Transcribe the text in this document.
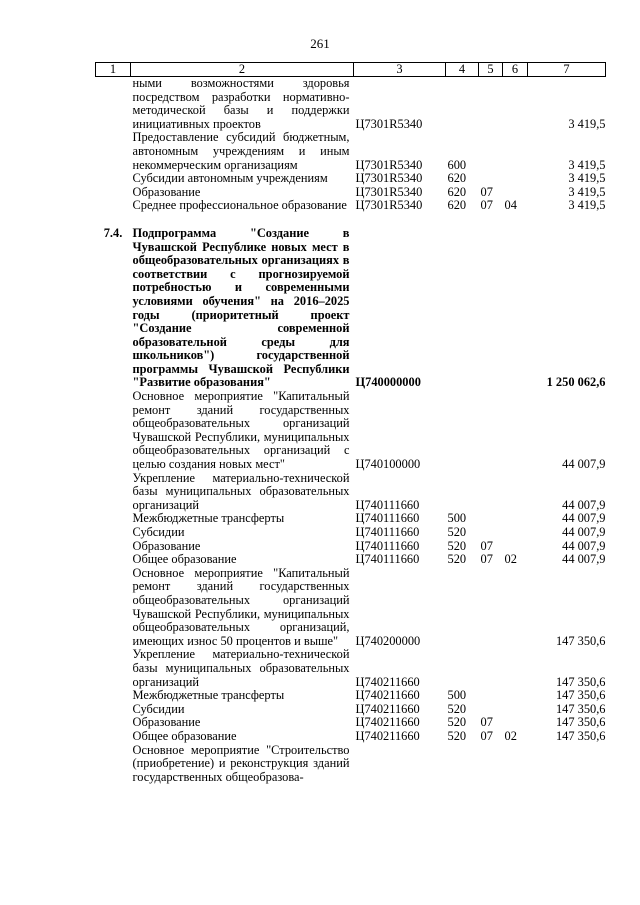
261
1	2	3	4	5	6	7
	ными возможностями здоровья посредством разработки нормативно-методической базы и поддержки инициативных проектов	Ц7301R5340				3 419,5
	Предоставление субсидий бюджетным, автономным учреждениям и иным некоммерческим организациям	Ц7301R5340	600			3 419,5
	Субсидии автономным учреждениям	Ц7301R5340	620			3 419,5
	Образование	Ц7301R5340	620	07		3 419,5
	Среднее профессиональное образование	Ц7301R5340	620	07	04	3 419,5

7.4.	Подпрограмма "Создание в Чувашской Республике новых мест в общеобразовательных организациях в соответствии с прогнозируемой потребностью и современными условиями обучения" на 2016–2025 годы (приоритетный проект "Создание современной образовательной среды для школьников") государственной программы Чувашской Республики "Развитие образования"	Ц740000000				1 250 062,6
	Основное мероприятие "Капитальный ремонт зданий государственных общеобразовательных организаций Чувашской Республики, муниципальных общеобразовательных организаций с целью создания новых мест"	Ц740100000				44 007,9
	Укрепление материально-технической базы муниципальных образовательных организаций	Ц740111660				44 007,9
	Межбюджетные трансферты	Ц740111660	500			44 007,9
	Субсидии	Ц740111660	520			44 007,9
	Образование	Ц740111660	520	07		44 007,9
	Общее образование	Ц740111660	520	07	02	44 007,9
	Основное мероприятие "Капитальный ремонт зданий государственных общеобразовательных организаций Чувашской Республики, муниципальных общеобразовательных организаций, имеющих износ 50 процентов и выше"	Ц740200000				147 350,6
	Укрепление материально-технической базы муниципальных образовательных организаций	Ц740211660				147 350,6
	Межбюджетные трансферты	Ц740211660	500			147 350,6
	Субсидии	Ц740211660	520			147 350,6
	Образование	Ц740211660	520	07		147 350,6
	Общее образование	Ц740211660	520	07	02	147 350,6
	Основное мероприятие "Строительство (приобретение) и реконструкция зданий государственных общеобразова-					
